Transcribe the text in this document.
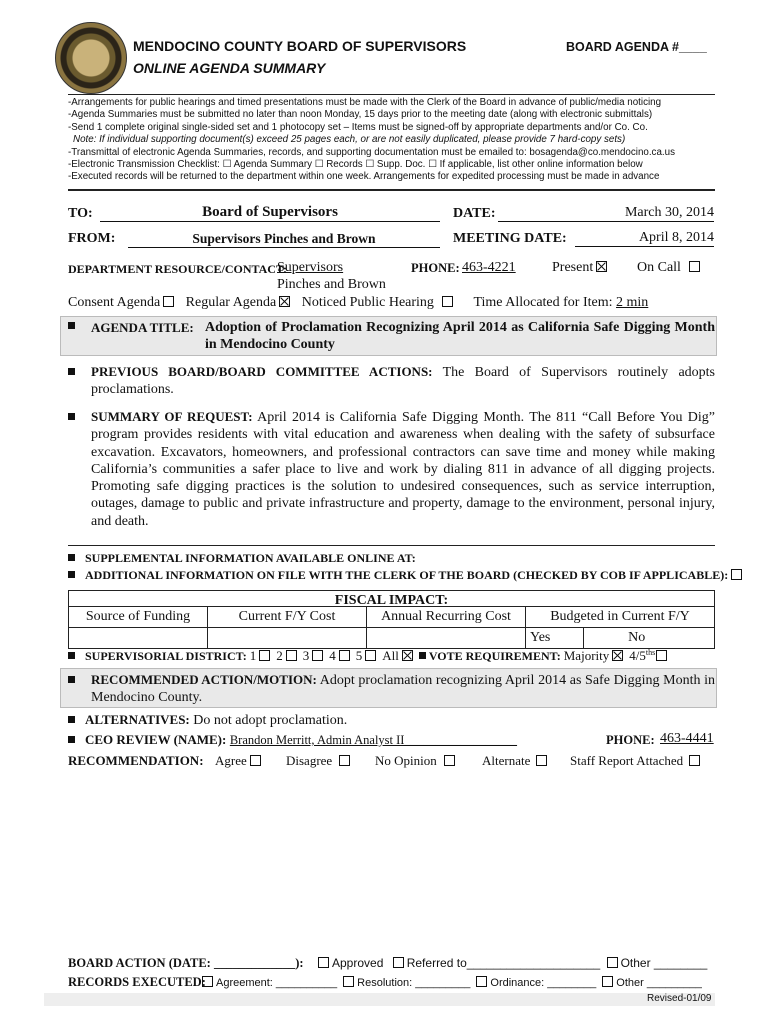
MENDOCINO COUNTY BOARD OF SUPERVISORS
ONLINE AGENDA SUMMARY
BOARD AGENDA #____
-Arrangements for public hearings and timed presentations must be made with the Clerk of the Board in advance of public/media noticing
-Agenda Summaries must be submitted no later than noon Monday, 15 days prior to the meeting date (along with electronic submittals)
-Send 1 complete original single-sided set and 1 photocopy set – Items must be signed-off by appropriate departments and/or Co. Co.
Note: If individual supporting document(s) exceed 25 pages each, or are not easily duplicated, please provide 7 hard-copy sets)
-Transmittal of electronic Agenda Summaries, records, and supporting documentation must be emailed to: bosagenda@co.mendocino.ca.us
-Electronic Transmission Checklist: ☐ Agenda Summary ☐ Records ☐ Supp. Doc. ☐ If applicable, list other online information below
-Executed records will be returned to the department within one week. Arrangements for expedited processing must be made in advance
TO:	Board of Supervisors	DATE:	March 30, 2014
FROM:	Supervisors Pinches and Brown	MEETING DATE:	April 8, 2014
DEPARTMENT RESOURCE/CONTACT:
Supervisors
Pinches and Brown
PHONE: 463-4221	Present	On Call
Consent Agenda Regular Agenda Noticed Public Hearing	Time Allocated for Item: 2 min
AGENDA TITLE: Adoption of Proclamation Recognizing April 2014 as California Safe Digging Month in Mendocino County
PREVIOUS BOARD/BOARD COMMITTEE ACTIONS: The Board of Supervisors routinely adopts proclamations.
SUMMARY OF REQUEST: April 2014 is California Safe Digging Month. The 811 “Call Before You Dig” program provides residents with vital education and awareness when dealing with the safety of subsurface excavation. Excavators, homeowners, and professional contractors can save time and money while making California’s communities a safer place to live and work by dialing 811 in advance of all digging projects. Promoting safe digging practices is the solution to undesired consequences, such as service interruption, outages, damage to public and private infrastructure and property, damage to the environment, personal injury, and death.
SUPPLEMENTAL INFORMATION AVAILABLE ONLINE AT:
ADDITIONAL INFORMATION ON FILE WITH THE CLERK OF THE BOARD (CHECKED BY COB IF APPLICABLE):
FISCAL IMPACT:
Source of Funding	Current F/Y Cost	Annual Recurring Cost	Budgeted in Current F/Y	
			Yes	No
SUPERVISORIAL DISTRICT: 1 2 3 4 5 All	VOTE REQUIREMENT: Majority $4/5^{ths}$
RECOMMENDED ACTION/MOTION: Adopt proclamation recognizing April 2014 as Safe Digging Month in Mendocino County.
ALTERNATIVES: Do not adopt proclamation.
CEO REVIEW (NAME): Brandon Merritt, Admin Analyst II__________________	PHONE: 463-4441
RECOMMENDATION: Agree	Disagree	No Opinion	Alternate	Staff Report Attached
BOARD ACTION (DATE: _____________):	Approved Referred to____________________ Other ________
RECORDS EXECUTED: Agreement: __________ Resolution: _________ Ordinance: ________ Other _________
Revised-01/09
